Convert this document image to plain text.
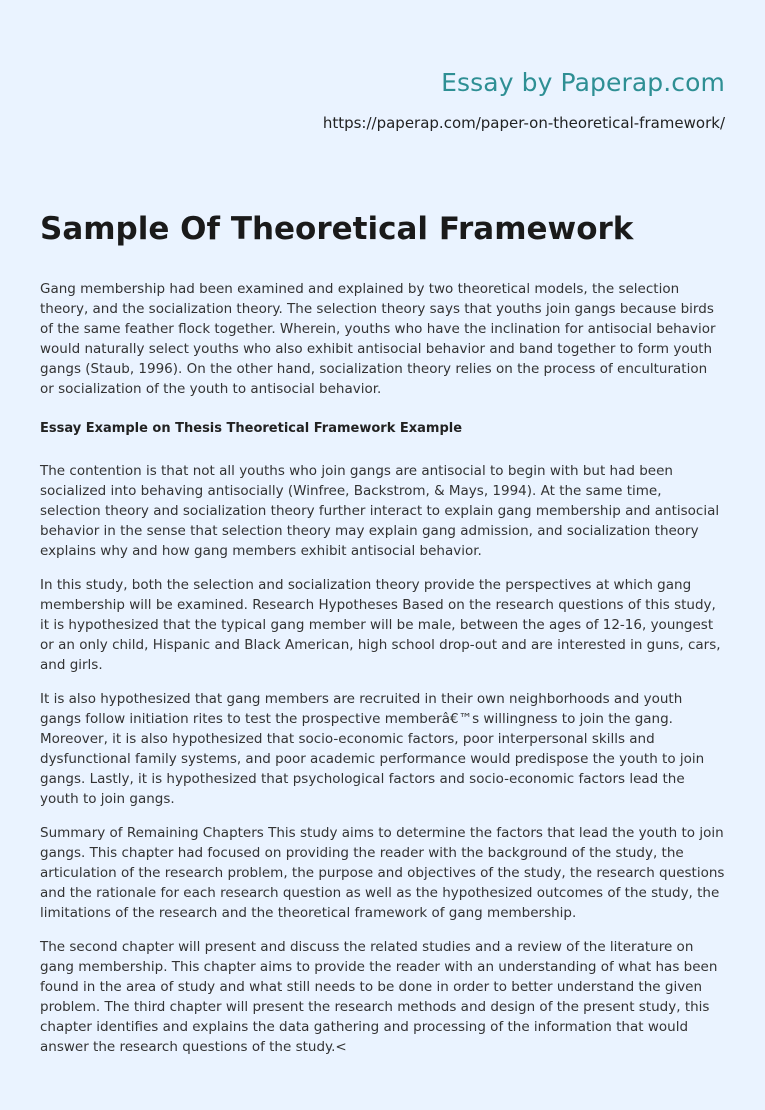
Essay by Paperap.com
https://paperap.com/paper-on-theoretical-framework/
Sample Of Theoretical Framework

Gang membership had been examined and explained by two theoretical models, the selection theory, and the socialization theory. The selection theory says that youths join gangs because birds of the same feather flock together. Wherein, youths who have the inclination for antisocial behavior would naturally select youths who also exhibit antisocial behavior and band together to form youth gangs (Staub, 1996). On the other hand, socialization theory relies on the process of enculturation or socialization of the youth to antisocial behavior.

Essay Example on Thesis Theoretical Framework Example

The contention is that not all youths who join gangs are antisocial to begin with but had been socialized into behaving antisocially (Winfree, Backstrom, & Mays, 1994). At the same time, selection theory and socialization theory further interact to explain gang membership and antisocial behavior in the sense that selection theory may explain gang admission, and socialization theory explains why and how gang members exhibit antisocial behavior.

In this study, both the selection and socialization theory provide the perspectives at which gang membership will be examined. Research Hypotheses Based on the research questions of this study, it is hypothesized that the typical gang member will be male, between the ages of 12-16, youngest or an only child, Hispanic and Black American, high school drop-out and are interested in guns, cars, and girls.

It is also hypothesized that gang members are recruited in their own neighborhoods and youth gangs follow initiation rites to test the prospective memberâ€™s willingness to join the gang. Moreover, it is also hypothesized that socio-economic factors, poor interpersonal skills and dysfunctional family systems, and poor academic performance would predispose the youth to join gangs. Lastly, it is hypothesized that psychological factors and socio-economic factors lead the youth to join gangs.

Summary of Remaining Chapters This study aims to determine the factors that lead the youth to join gangs. This chapter had focused on providing the reader with the background of the study, the articulation of the research problem, the purpose and objectives of the study, the research questions and the rationale for each research question as well as the hypothesized outcomes of the study, the limitations of the research and the theoretical framework of gang membership.

The second chapter will present and discuss the related studies and a review of the literature on gang membership. This chapter aims to provide the reader with an understanding of what has been found in the area of study and what still needs to be done in order to better understand the given problem. The third chapter will present the research methods and design of the present study, this chapter identifies and explains the data gathering and processing of the information that would answer the research questions of the study.<
